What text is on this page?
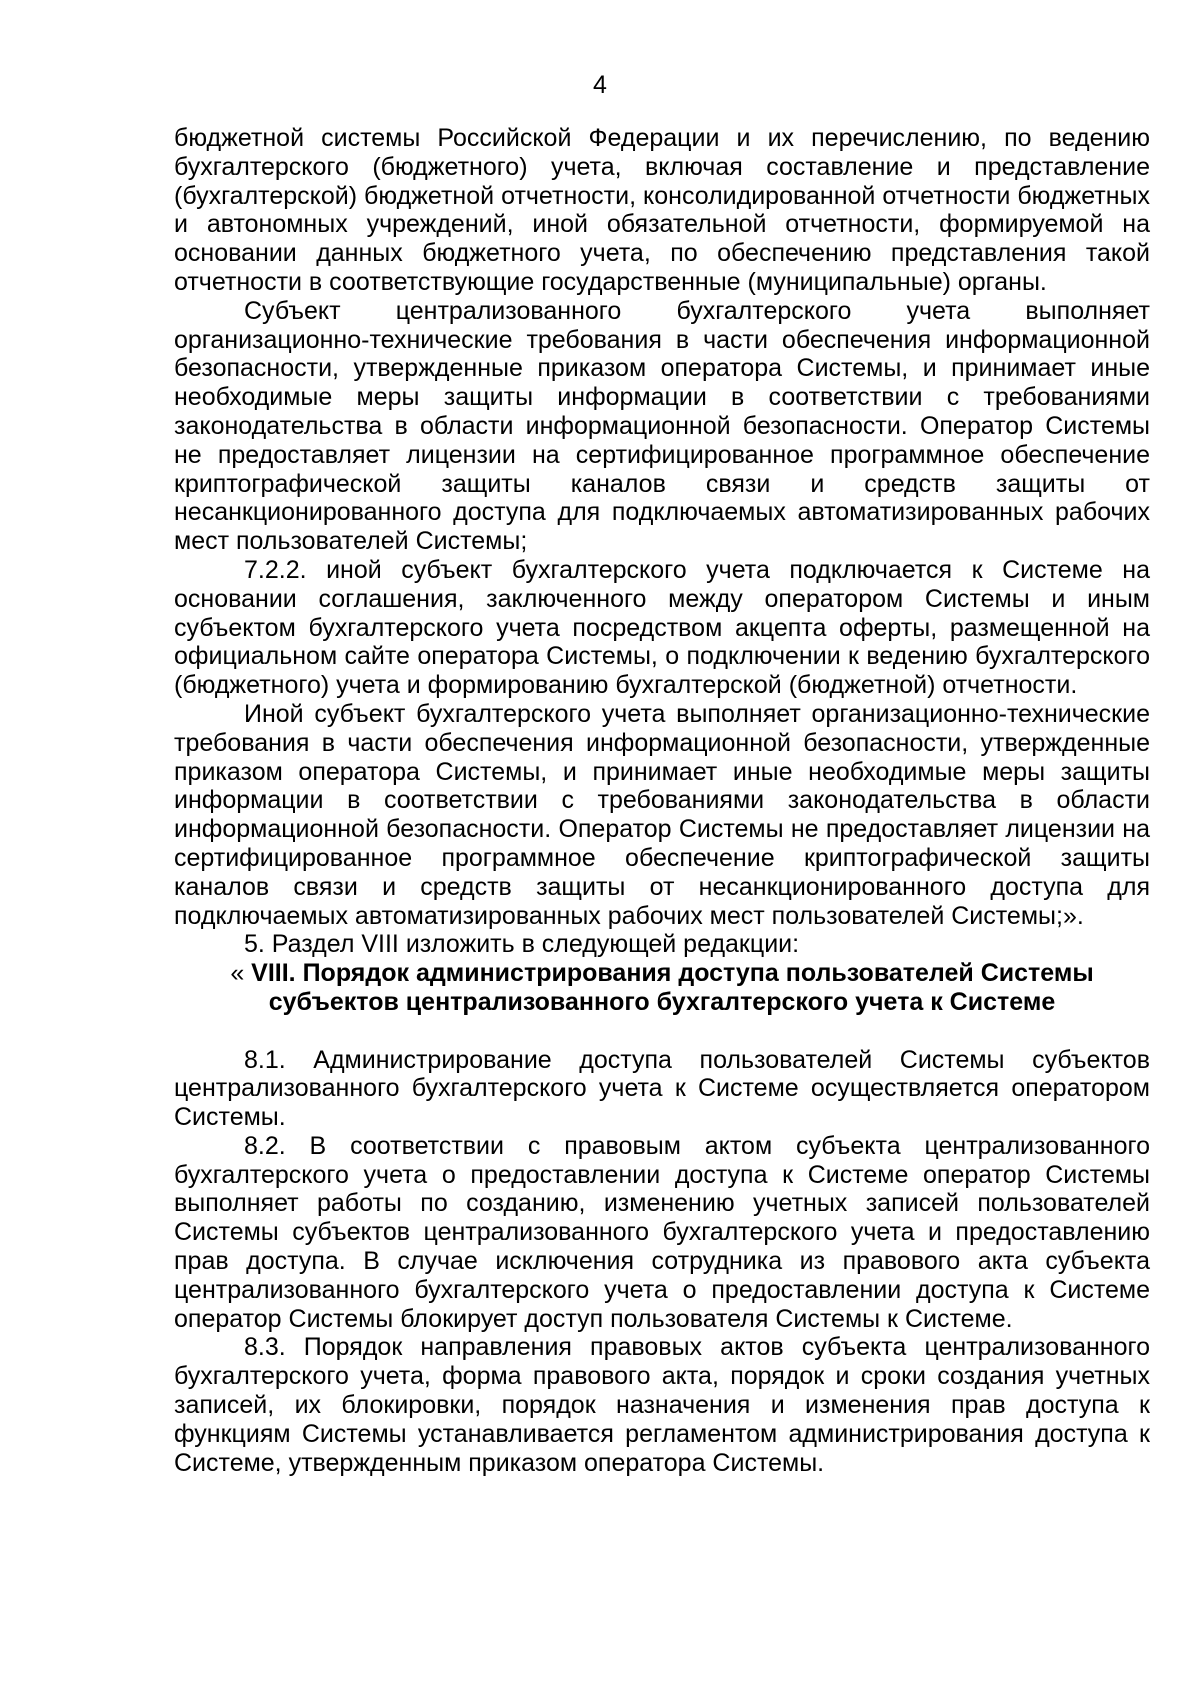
4

бюджетной системы Российской Федерации и их перечислению, по ведению бухгалтерского (бюджетного) учета, включая составление и представление (бухгалтерской) бюджетной отчетности, консолидированной отчетности бюджетных и автономных учреждений, иной обязательной отчетности, формируемой на основании данных бюджетного учета, по обеспечению представления такой отчетности в соответствующие государственные (муниципальные) органы.

Субъект централизованного бухгалтерского учета выполняет организационно-технические требования в части обеспечения информационной безопасности, утвержденные приказом оператора Системы, и принимает иные необходимые меры защиты информации в соответствии с требованиями законодательства в области информационной безопасности. Оператор Системы не предоставляет лицензии на сертифицированное программное обеспечение криптографической защиты каналов связи и средств защиты от несанкционированного доступа для подключаемых автоматизированных рабочих мест пользователей Системы;

7.2.2. иной субъект бухгалтерского учета подключается к Системе на основании соглашения, заключенного между оператором Системы и иным субъектом бухгалтерского учета посредством акцепта оферты, размещенной на официальном сайте оператора Системы, о подключении к ведению бухгалтерского (бюджетного) учета и формированию бухгалтерской (бюджетной) отчетности.

Иной субъект бухгалтерского учета выполняет организационно-технические требования в части обеспечения информационной безопасности, утвержденные приказом оператора Системы, и принимает иные необходимые меры защиты информации в соответствии с требованиями законодательства в области информационной безопасности. Оператор Системы не предоставляет лицензии на сертифицированное программное обеспечение криптографической защиты каналов связи и средств защиты от несанкционированного доступа для подключаемых автоматизированных рабочих мест пользователей Системы;».

5. Раздел VIII изложить в следующей редакции:

« VIII. Порядок администрирования доступа пользователей Системы
субъектов централизованного бухгалтерского учета к Системе

8.1. Администрирование доступа пользователей Системы субъектов централизованного бухгалтерского учета к Системе осуществляется оператором Системы.

8.2. В соответствии с правовым актом субъекта централизованного бухгалтерского учета о предоставлении доступа к Системе оператор Системы выполняет работы по созданию, изменению учетных записей пользователей Системы субъектов централизованного бухгалтерского учета и предоставлению прав доступа. В случае исключения сотрудника из правового акта субъекта централизованного бухгалтерского учета о предоставлении доступа к Системе оператор Системы блокирует доступ пользователя Системы к Системе.

8.3. Порядок направления правовых актов субъекта централизованного бухгалтерского учета, форма правового акта, порядок и сроки создания учетных записей, их блокировки, порядок назначения и изменения прав доступа к функциям Системы устанавливается регламентом администрирования доступа к Системе, утвержденным приказом оператора Системы.
